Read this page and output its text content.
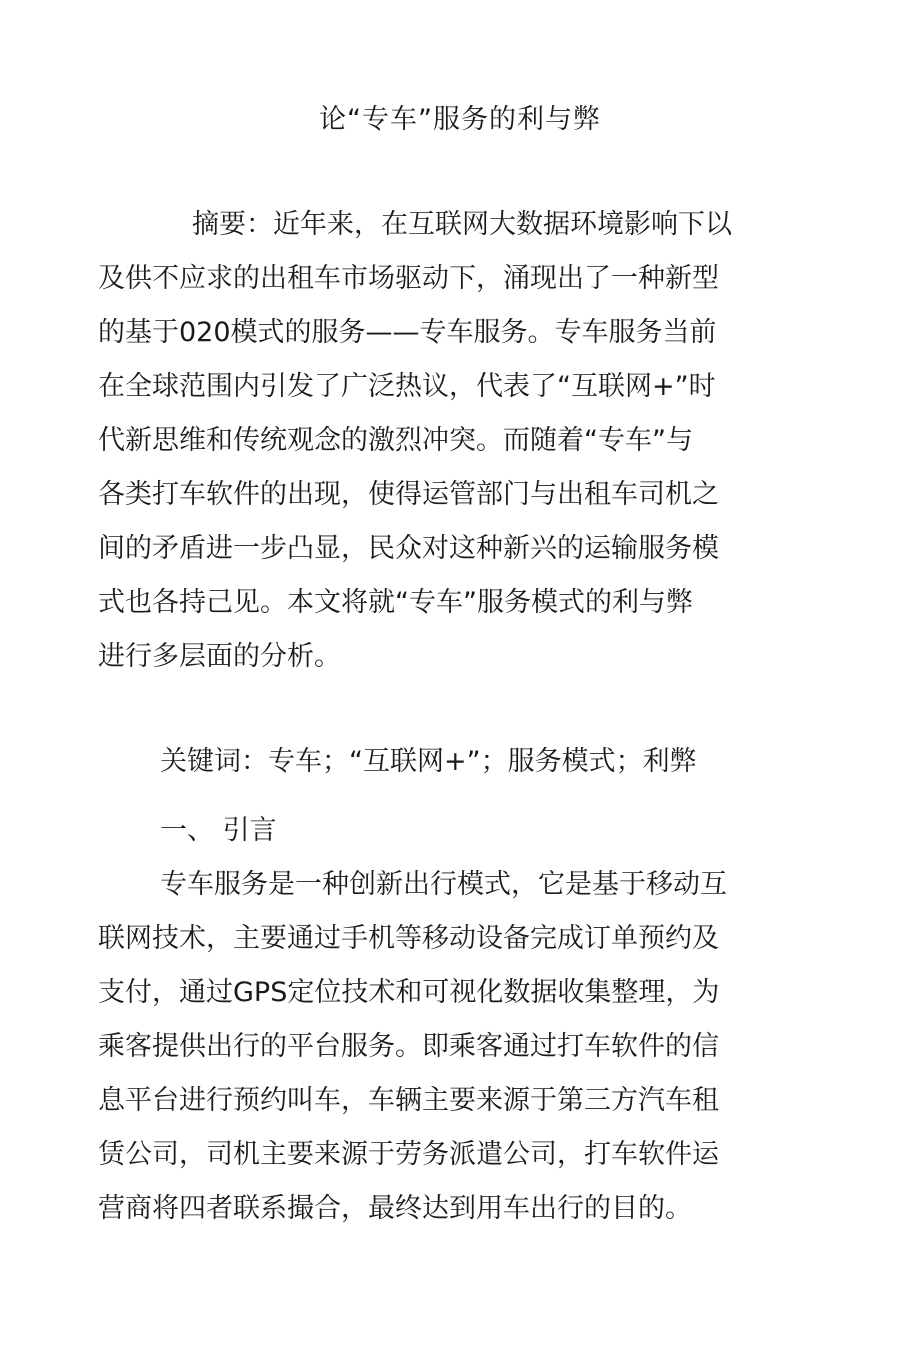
论“专车”服务的利与弊
摘要：近年来，在互联网大数据环境影响下以
及供不应求的出租车市场驱动下，涌现出了一种新型
的基于020模式的服务——专车服务。专车服务当前
在全球范围内引发了广泛热议，代表了“互联网+”时
代新思维和传统观念的激烈冲突。而随着“专车”与
各类打车软件的出现，使得运管部门与出租车司机之
间的矛盾进一步凸显，民众对这种新兴的运输服务模
式也各持己见。本文将就“专车”服务模式的利与弊
进行多层面的分析。

关键词：专车；“互联网+”；服务模式；利弊

一、 引言
专车服务是一种创新出行模式，它是基于移动互
联网技术，主要通过手机等移动设备完成订单预约及
支付，通过GPS定位技术和可视化数据收集整理，为
乘客提供出行的平台服务。即乘客通过打车软件的信
息平台进行预约叫车，车辆主要来源于第三方汽车租
赁公司，司机主要来源于劳务派遣公司，打车软件运
营商将四者联系撮合，最终达到用车出行的目的。
